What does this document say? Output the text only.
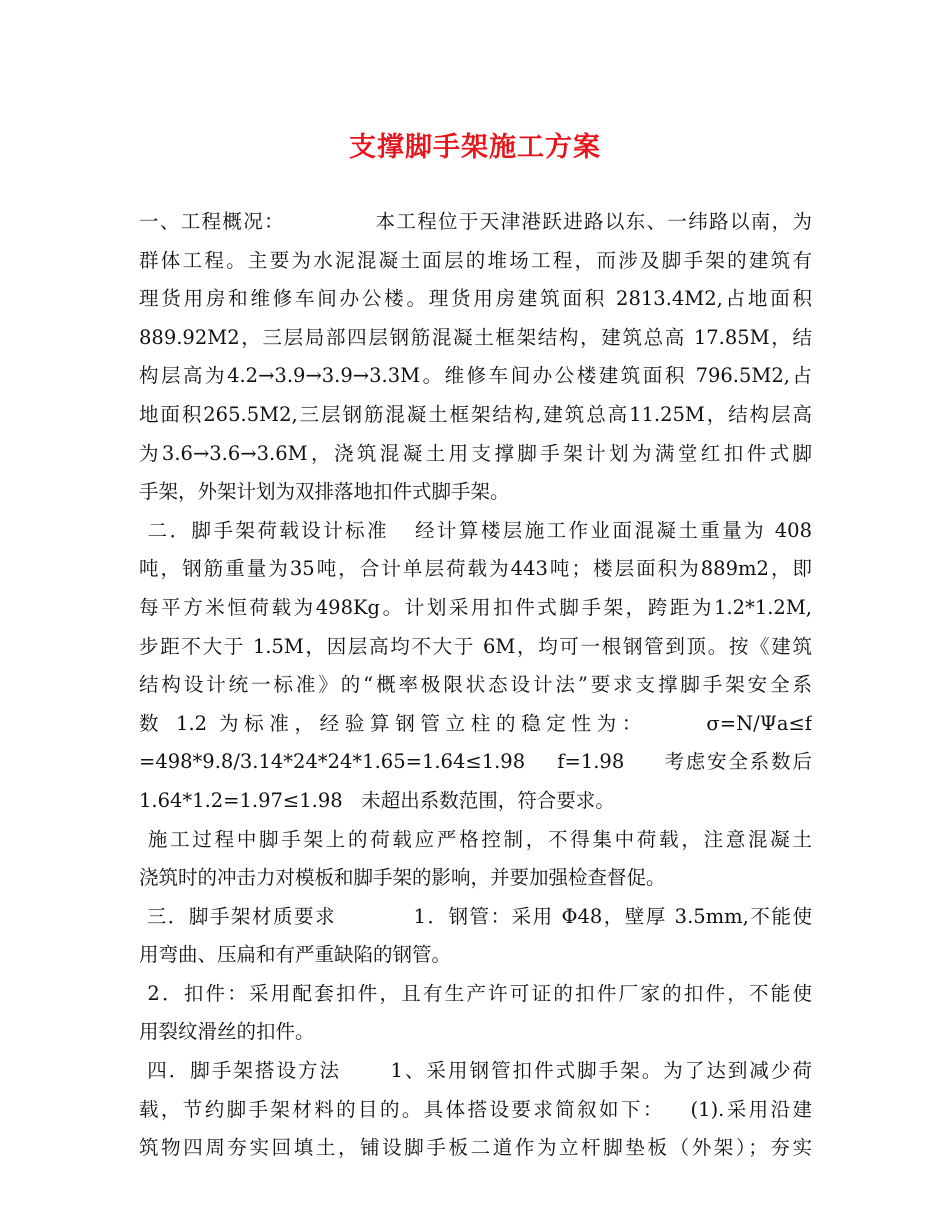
支撑脚手架施工方案
一、工程概况：            本工程位于天津港跃进路以东、一纬路以南，为
群体工程。主要为水泥混凝土面层的堆场工程，而涉及脚手架的建筑有
理货用房和维修车间办公楼。理货用房建筑面积 2813.4M2,占地面积
889.92M2，三层局部四层钢筋混凝土框架结构，建筑总高 17.85M，结
构层高为4.2→3.9→3.9→3.3M。维修车间办公楼建筑面积 796.5M2,占
地面积265.5M2,三层钢筋混凝土框架结构,建筑总高11.25M，结构层高
为3.6→3.6→3.6M，浇筑混凝土用支撑脚手架计划为满堂红扣件式脚
手架，外架计划为双排落地扣件式脚手架。
二．脚手架荷载设计标准   经计算楼层施工作业面混凝土重量为 408
吨，钢筋重量为35吨，合计单层荷载为443吨；楼层面积为889m2，即
每平方米恒荷载为498Kg。计划采用扣件式脚手架，跨距为1.2*1.2M,
步距不大于 1.5M，因层高均不大于 6M，均可一根钢管到顶。按《建筑
结构设计统一标准》的“概率极限状态设计法”要求支撑脚手架安全系
数 1.2 为标准，经验算钢管立柱的稳定性为：     σ=N/Ψa≤f
=498*9.8/3.14*24*24*1.65=1.64≤1.98    f=1.98     考虑安全系数后
1.64*1.2=1.97≤1.98   未超出系数范围，符合要求。
施工过程中脚手架上的荷载应严格控制，不得集中荷载，注意混凝土
浇筑时的冲击力对模板和脚手架的影响，并要加强检查督促。
三．脚手架材质要求          1．钢管：采用 Φ48，壁厚 3.5mm,不能使
用弯曲、压扁和有严重缺陷的钢管。
2．扣件：采用配套扣件，且有生产许可证的扣件厂家的扣件，不能使
用裂纹滑丝的扣件。
四．脚手架搭设方法      1、采用钢管扣件式脚手架。为了达到减少荷
载，节约脚手架材料的目的。具体搭设要求简叙如下：   (1).采用沿建
筑物四周夯实回填土，铺设脚手板二道作为立杆脚垫板（外架）；夯实
